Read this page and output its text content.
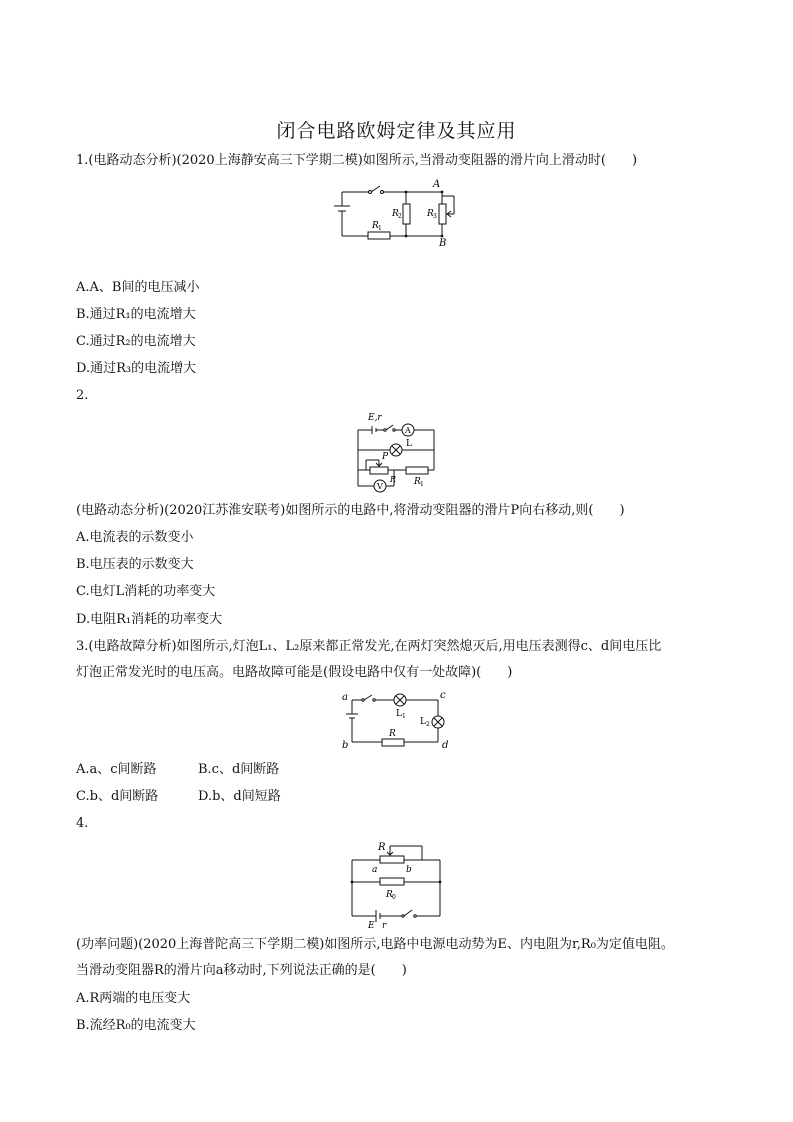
闭合电路欧姆定律及其应用
1.(电路动态分析)(2020上海静安高三下学期二模)如图所示,当滑动变阻器的滑片向上滑动时(　　)
A
B
R 1
R 2	R 3
A.A、B间的电压减小
B.通过R₁的电流增大
C.通过R₂的电流增大
D.通过R₃的电流增大
2.
E,r
A
L
P
V
R R 1
(电路动态分析)(2020江苏淮安联考)如图所示的电路中,将滑动变阻器的滑片P向右移动,则(　　)
A.电流表的示数变小
B.电压表的示数变大
C.电灯L消耗的功率变大
D.电阻R₁消耗的功率变大
3.(电路故障分析)如图所示,灯泡L₁、L₂原来都正常发光,在两灯突然熄灭后,用电压表测得c、d间电压比
灯泡正常发光时的电压高。电路故障可能是(假设电路中仅有一处故障)(　　)
a
b
c
d
L 1
L 2
R
A.a、c间断路	B.c、d间断路
C.b、d间断路	D.b、d间短路
4.
R
a	b
R 0
E r
(功率问题)(2020上海普陀高三下学期二模)如图所示,电路中电源电动势为E、内电阻为r,R₀为定值电阻。
当滑动变阻器R的滑片向a移动时,下列说法正确的是(　　)
A.R两端的电压变大
B.流经R₀的电流变大
